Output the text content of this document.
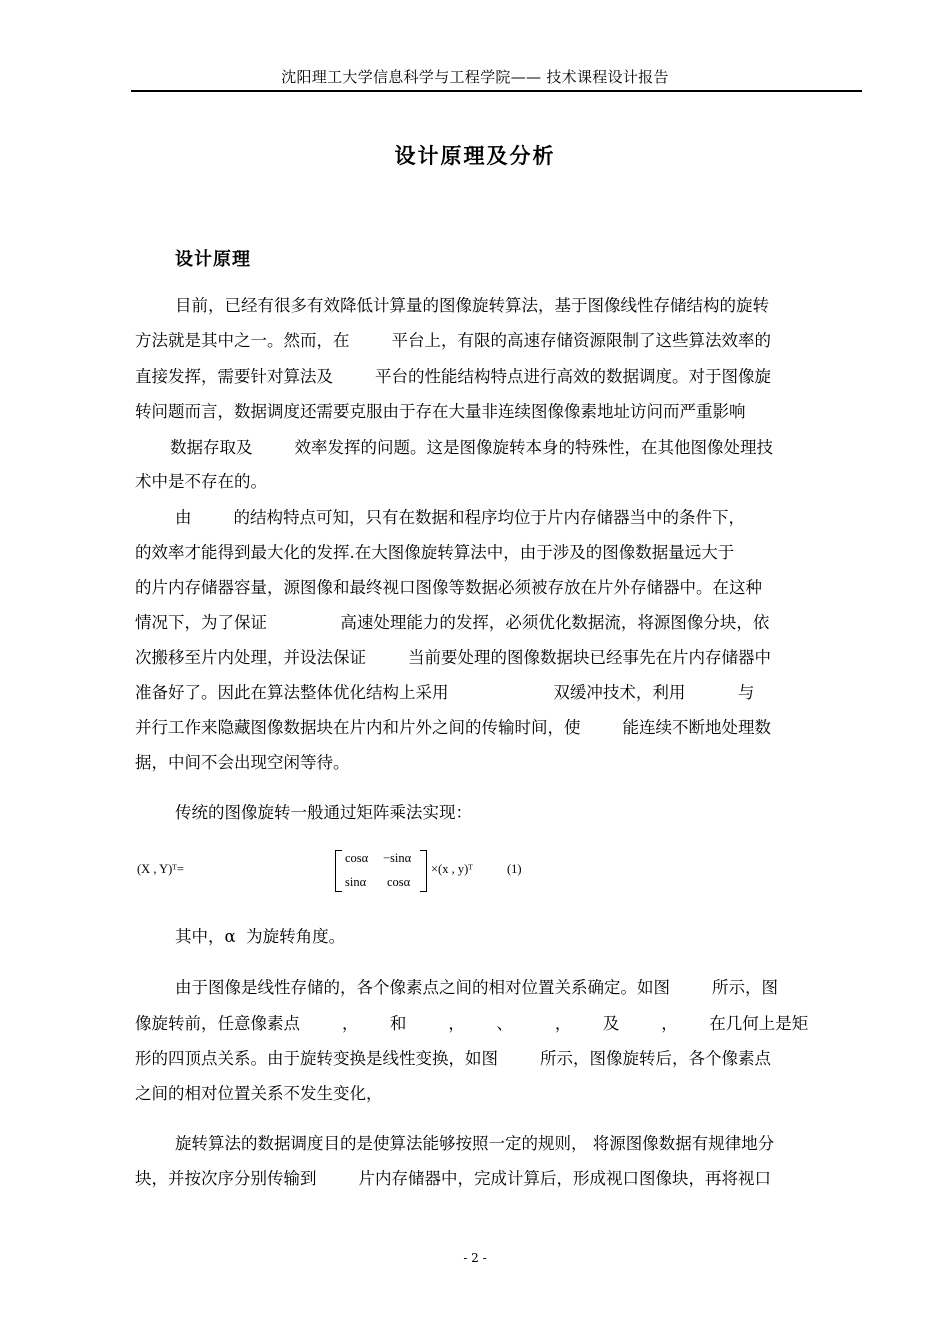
沈阳理工大学信息科学与工程学院—— 技术课程设计报告
设计原理及分析
设计原理
目前，已经有很多有效降低计算量的图像旋转算法，基于图像线性存储结构的旋转
方法就是其中之一。然而，在        平台上，有限的高速存储资源限制了这些算法效率的
直接发挥，需要针对算法及        平台的性能结构特点进行高效的数据调度。对于图像旋
转问题而言，数据调度还需要克服由于存在大量非连续图像像素地址访问而严重影响
数据存取及        效率发挥的问题。这是图像旋转本身的特殊性，在其他图像处理技
术中是不存在的。
由        的结构特点可知，只有在数据和程序均位于片内存储器当中的条件下，
的效率才能得到最大化的发挥.在大图像旋转算法中，由于涉及的图像数据量远大于
的片内存储器容量，源图像和最终视口图像等数据必须被存放在片外存储器中。在这种
情况下，为了保证              高速处理能力的发挥，必须优化数据流，将源图像分块，依
次搬移至片内处理，并设法保证        当前要处理的图像数据块已经事先在片内存储器中
准备好了。因此在算法整体优化结构上采用                    双缓冲技术，利用          与
并行工作来隐藏图像数据块在片内和片外之间的传输时间，使        能连续不断地处理数
据，中间不会出现空闲等待。
传统的图像旋转一般通过矩阵乘法实现：
(X , Y)ᵀ=
cosα −sinα
sinα cosα
×(x , y)ᵀ	(1)
其中，α  为旋转角度。
由于图像是线性存储的，各个像素点之间的相对位置关系确定。如图        所示，图
像旋转前，任意像素点        ，      和        ，      、        ，      及        ，      在几何上是矩
形的四顶点关系。由于旋转变换是线性变换，如图        所示，图像旋转后，各个像素点
之间的相对位置关系不发生变化，
旋转算法的数据调度目的是使算法能够按照一定的规则， 将源图像数据有规律地分
块，并按次序分别传输到        片内存储器中，完成计算后，形成视口图像块，再将视口
- 2 -
